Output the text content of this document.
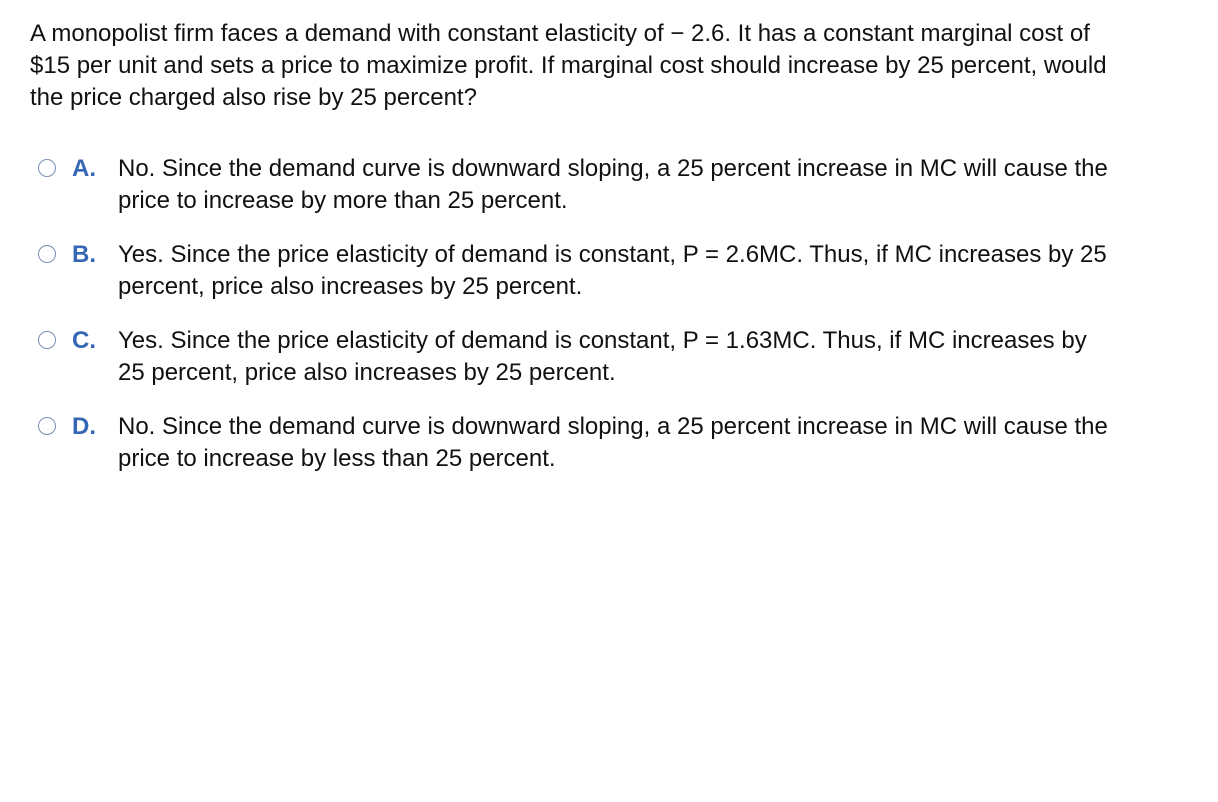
A monopolist firm faces a demand with constant elasticity of − 2.6. It has a constant marginal cost of
$15 per unit and sets a price to maximize profit. If marginal cost should increase by 25 percent, would
the price charged also rise by 25 percent?
A. No. Since the demand curve is downward sloping, a 25 percent increase in MC will cause the
price to increase by more than 25 percent.
B. Yes. Since the price elasticity of demand is constant, P = 2.6MC. Thus, if MC increases by 25
percent, price also increases by 25 percent.
C. Yes. Since the price elasticity of demand is constant, P = 1.63MC. Thus, if MC increases by
25 percent, price also increases by 25 percent.
D. No. Since the demand curve is downward sloping, a 25 percent increase in MC will cause the
price to increase by less than 25 percent.
